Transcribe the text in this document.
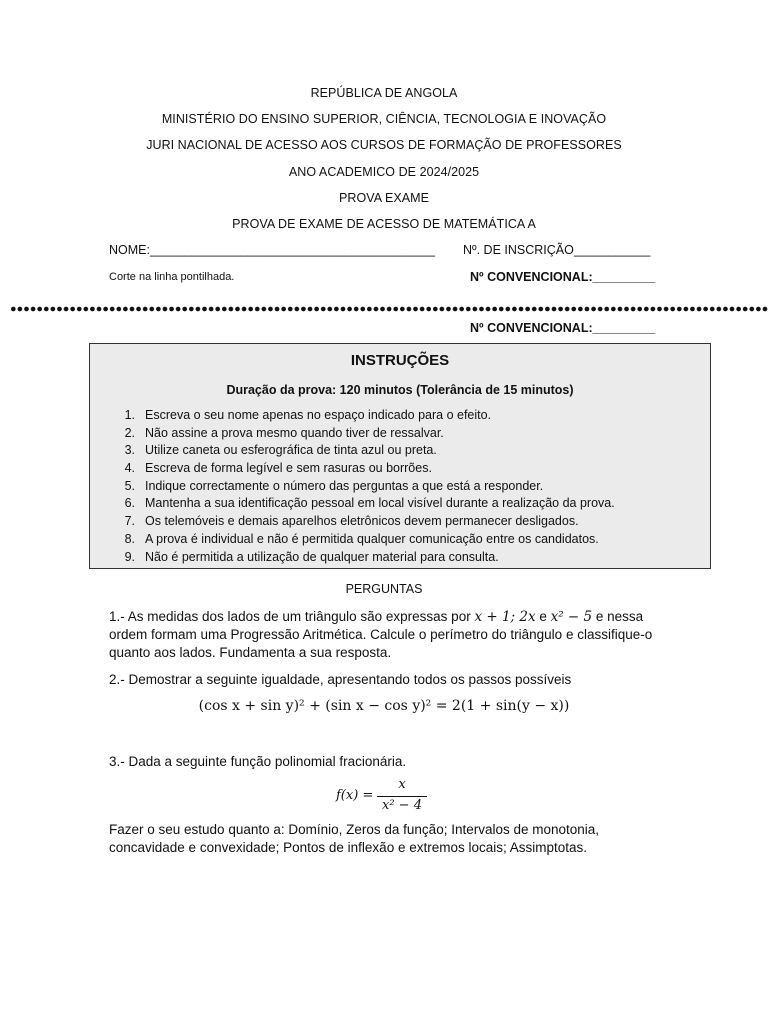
REPÚBLICA DE ANGOLA
MINISTÉRIO DO ENSINO SUPERIOR, CIÊNCIA, TECNOLOGIA E INOVAÇÃO
JURI NACIONAL DE ACESSO AOS CURSOS DE FORMAÇÃO DE PROFESSORES
ANO ACADEMICO DE 2024/2025
PROVA EXAME
PROVA DE EXAME DE ACESSO DE MATEMÁTICA A
NOME:_________________________________________ Nº. DE INSCRIÇÃO___________
Corte na linha pontilhada.	Nº CONVENCIONAL:_________
Nº CONVENCIONAL:_________
INSTRUÇÕES
Duração da prova: 120 minutos (Tolerância de 15 minutos)
1. Escreva o seu nome apenas no espaço indicado para o efeito.
2. Não assine a prova mesmo quando tiver de ressalvar.
3. Utilize caneta ou esferográfica de tinta azul ou preta.
4. Escreva de forma legível e sem rasuras ou borrões.
5. Indique correctamente o número das perguntas a que está a responder.
6. Mantenha a sua identificação pessoal em local visível durante a realização da prova.
7. Os telemóveis e demais aparelhos eletrônicos devem permanecer desligados.
8. A prova é individual e não é permitida qualquer comunicação entre os candidatos.
9. Não é permitida a utilização de qualquer material para consulta.
PERGUNTAS
1.- As medidas dos lados de um triângulo são expressas por x + 1; 2x e x² − 5 e nessa ordem formam uma Progressão Aritmética. Calcule o perímetro do triângulo e classifique-o quanto aos lados. Fundamenta a sua resposta.
2.- Demostrar a seguinte igualdade, apresentando todos os passos possíveis
(cos x + sin y)² + (sin x − cos y)² = 2(1 + sin(y − x))
3.- Dada a seguinte função polinomial fracionária.
f(x) =
x
x² − 4
Fazer o seu estudo quanto a: Domínio, Zeros da função; Intervalos de monotonia, concavidade e convexidade; Pontos de inflexão e extremos locais; Assimptotas.
